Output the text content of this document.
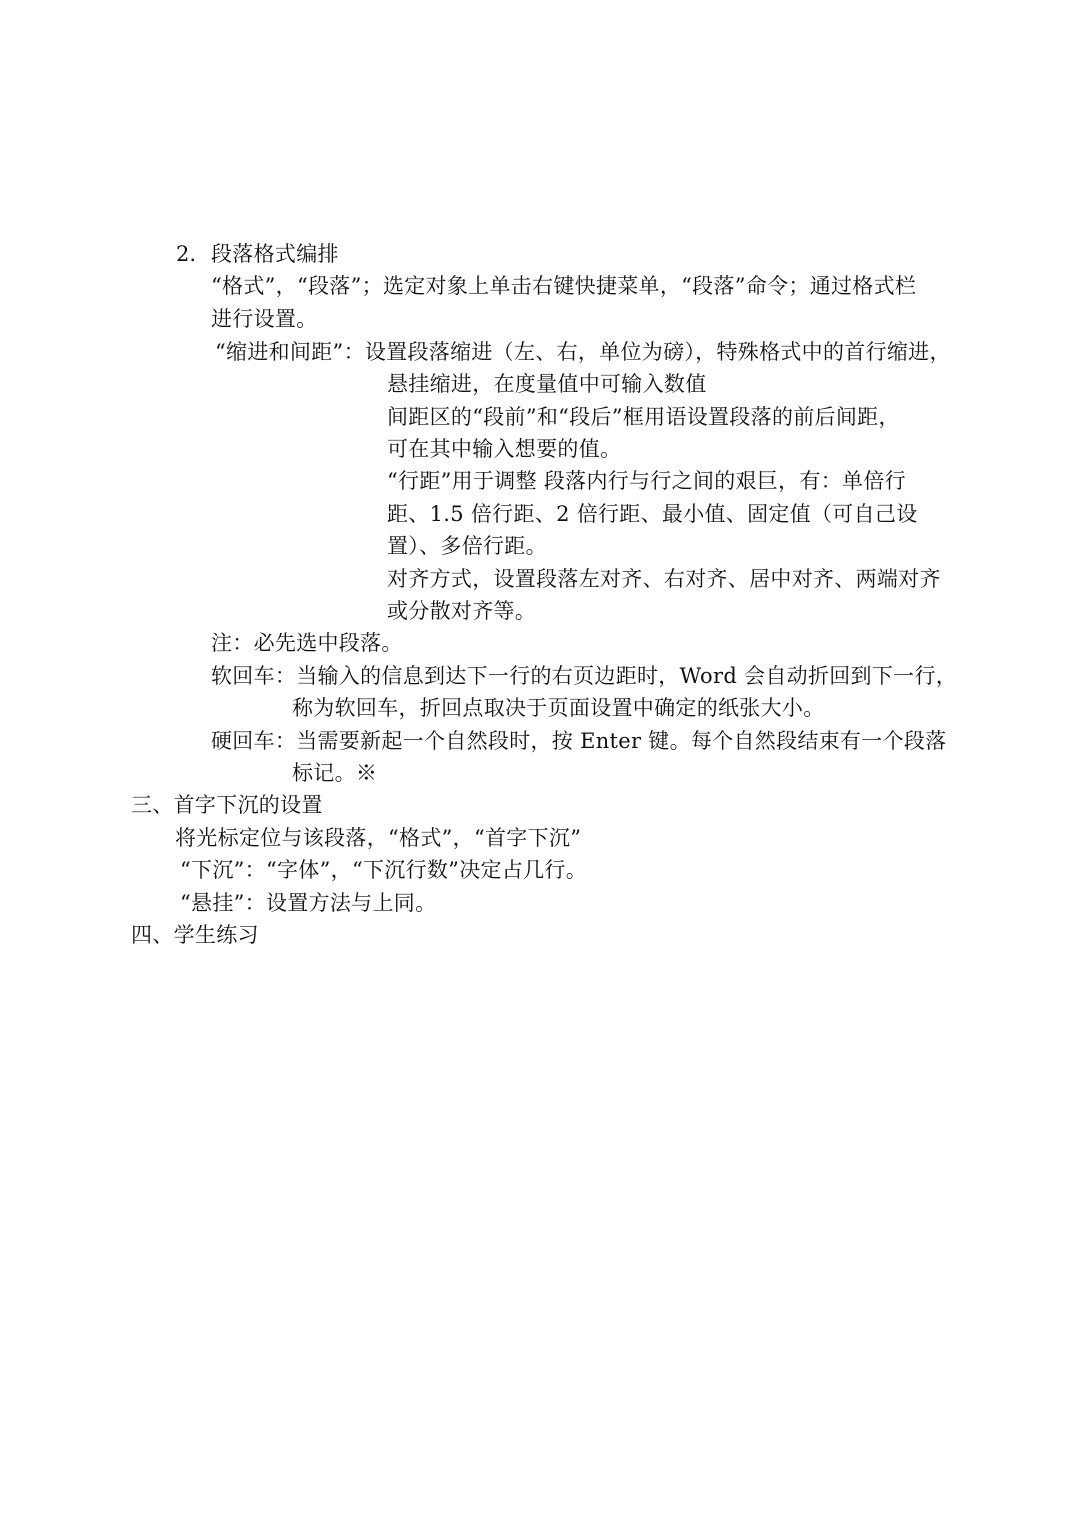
2. 段落格式编排
“格式”，“段落”；选定对象上单击右键快捷菜单，“段落”命令；通过格式栏
进行设置。
“缩进和间距”：设置段落缩进（左、右，单位为磅），特殊格式中的首行缩进，
悬挂缩进，在度量值中可输入数值
间距区的“段前”和“段后”框用语设置段落的前后间距，
可在其中输入想要的值。
“行距”用于调整 段落内行与行之间的艰巨，有：单倍行
距、1.5 倍行距、2 倍行距、最小值、固定值（可自己设
置）、多倍行距。
对齐方式，设置段落左对齐、右对齐、居中对齐、两端对齐
或分散对齐等。
注：必先选中段落。
软回车：当输入的信息到达下一行的右页边距时，Word 会自动折回到下一行，
称为软回车，折回点取决于页面设置中确定的纸张大小。
硬回车：当需要新起一个自然段时，按 Enter 键。每个自然段结束有一个段落
标记。※
三、首字下沉的设置
将光标定位与该段落，“格式”，“首字下沉”
“下沉”：“字体”，“下沉行数”决定占几行。
“悬挂”：设置方法与上同。
四、学生练习
